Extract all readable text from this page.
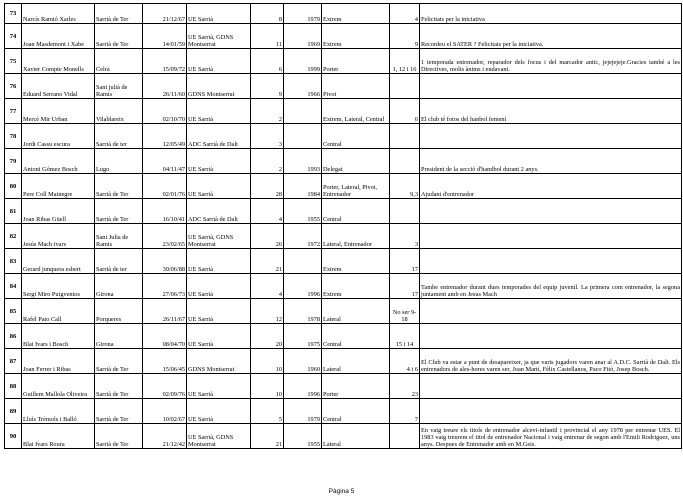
73	Narcís Ramió Xarles	Sarrià de Ter	21/12/67	UE Sarrià	8	1979	Extrem	4	Felicitats per la iniciativa
74	Joan Masdemont i Xabe	Sarrià de Ter	14/01/59	UE Sarrià, GDNS Montserrat	11	1969	Extrem	9	Recordeu el SATER ? Felicitats per la iniciativa.
75	Xavier Compte Monells	Celrà	15/09/72	UE Sarrià	6	1999	Porter	1, 12 i 16	1 temporada entrenador, reparador dels focus i del marcador antic, jejejejeje.Gracies també a les Directives, molts ànims i endavant.
76	Eduard Serrano Vidal	Sant julià de Ramis	26/11/60	GDNS Montserrat	9	1966	Pivot		
77	Mercè Mir Urban	Vilablareix	02/10/70	UE Sarrià	2		Extrem, Lateral, Central	6	El club té fotos del hanbol femení
78	Jordi Cassu escura	Sarrià de ter	12/05/49	ADC Sarrià de Dalt	3		Central		
79	Antoni Gómez Bosch	Lugo	04/11/47	UE Sarrià	2	1993	Delegat		President de la secció d'handbol durant 2 anys.
80	Pere Coll Mainegre	Sarrià de Ter	02/01/76	UE Sarrià	28	1984	Porter, Lateral, Pivot, Entrenador	9,3	Ajudant d'entrenador
81	Joan Ribas Güell	Sarrià de Ter	16/10/41	ADC Sarrià de Dalt	4	1955	Central		
82	Jesús Mach ivars	Sant Julia de Ramis	23/02/65	UE Sarrià, GDNS Montserrat	26	1972	Lateral, Entrenador	3	
83	Gerard junquera esbert	Sarrià de ter	30/06/88	UE Sarrià	21		Extrem	17	
84	Sergi Miro Puigventos	Girona	27/06/73	UE Sarrià	4	1996	Extrem	17	Tambe entrenador durant dues temporades del equip juvenil. La primera com entrenador, la segona juntament amb en Jesus Mach
85	Rafel Pato Call	Porqueres	26/11/67	UE Sarrià	12	1978	Lateral	No ser 9-18	
86	Blai Ivars i Bosch	Girona	08/04/70	UE Sarrià	20	1975	Central	15 i 14	
87	Joan Ferrer i Ribas	Sarrià de Ter	15/06/45	GDNS Montserrat	10	1960	Lateral	4 i 6	El Club va estar a punt de desapareixer, ja que varis jugadors varen anar al A.D.C. Sarrià de Dalt. Els entrenadors de ales-hores varen ser, Joan Martí, Fèlix Castellanos, Paco Fitó, Josep Bosch.
88	Guillem Mallola Oliveira	Sarrià de Ter	02/09/76	UE Sarrià	10	1996	Porter	23	
89	Lluís Trémols i Balló	Sarrià de Ter	10/02/67	UE Sarrià	5	1979	Central	7	
90	Blai Ivars Roura	Sarrià de Ter	21/12/42	UE Sarrià, GDNS Montserrat	21	1955	Lateral		En vaig treure els titols de entrenador alcevi-infantil i provincial el any 1978 per entrenar UES. El 1983 vaig treurem el titol de entrenador Nacional i vaig entrenar de segon amb l'Emili Rodriguez, uns anys. Despues de Entrenador amb en M.Geis.
Pàgina 5
